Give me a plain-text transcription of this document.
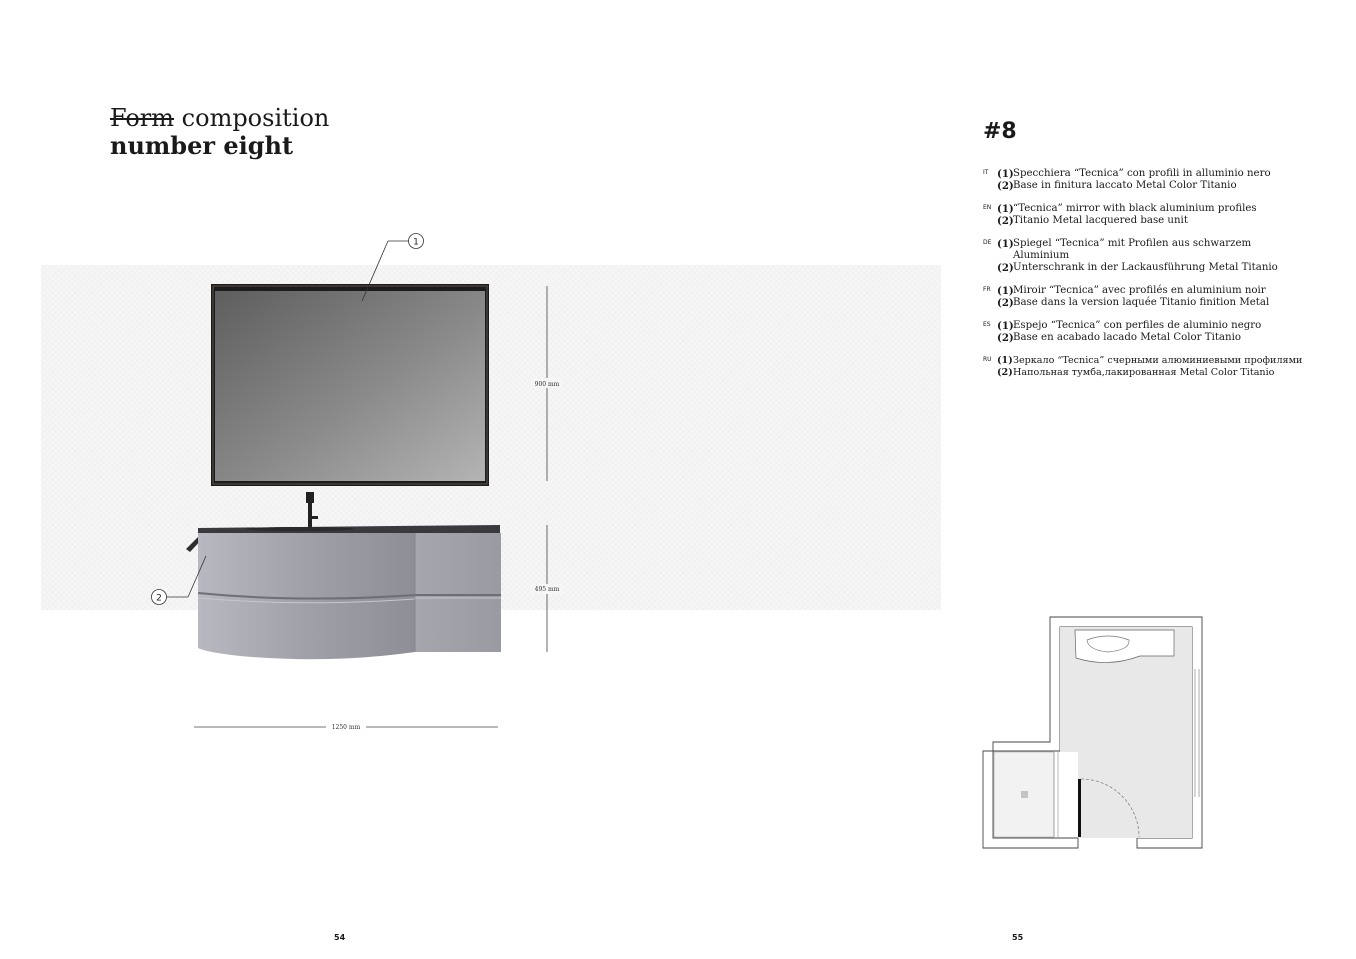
Form composition
number eight
1
2
900 mm
495 mm
1250 mm
54	55
#8
IT (1) Specchiera “Tecnica” con profili in alluminio nero
(2) Base in finitura laccato Metal Color Titanio
EN (1) “Tecnica” mirror with black aluminium profiles
(2) Titanio Metal lacquered base unit
DE (1) Spiegel “Tecnica” mit Profilen aus schwarzem
Aluminium
(2) Unterschrank in der Lackausführung Metal Titanio
FR (1) Miroir “Tecnica” avec profilés en aluminium noir
(2) Base dans la version laquée Titanio finition Metal
ES (1) Espejo “Tecnica” con perfiles de aluminio negro
(2) Base en acabado lacado Metal Color Titanio
RU (1) Зеркало “Tecnica” счерными алюминиевыми профилями
(2) Напольная тумба,лакированная Metal Color Titanio
